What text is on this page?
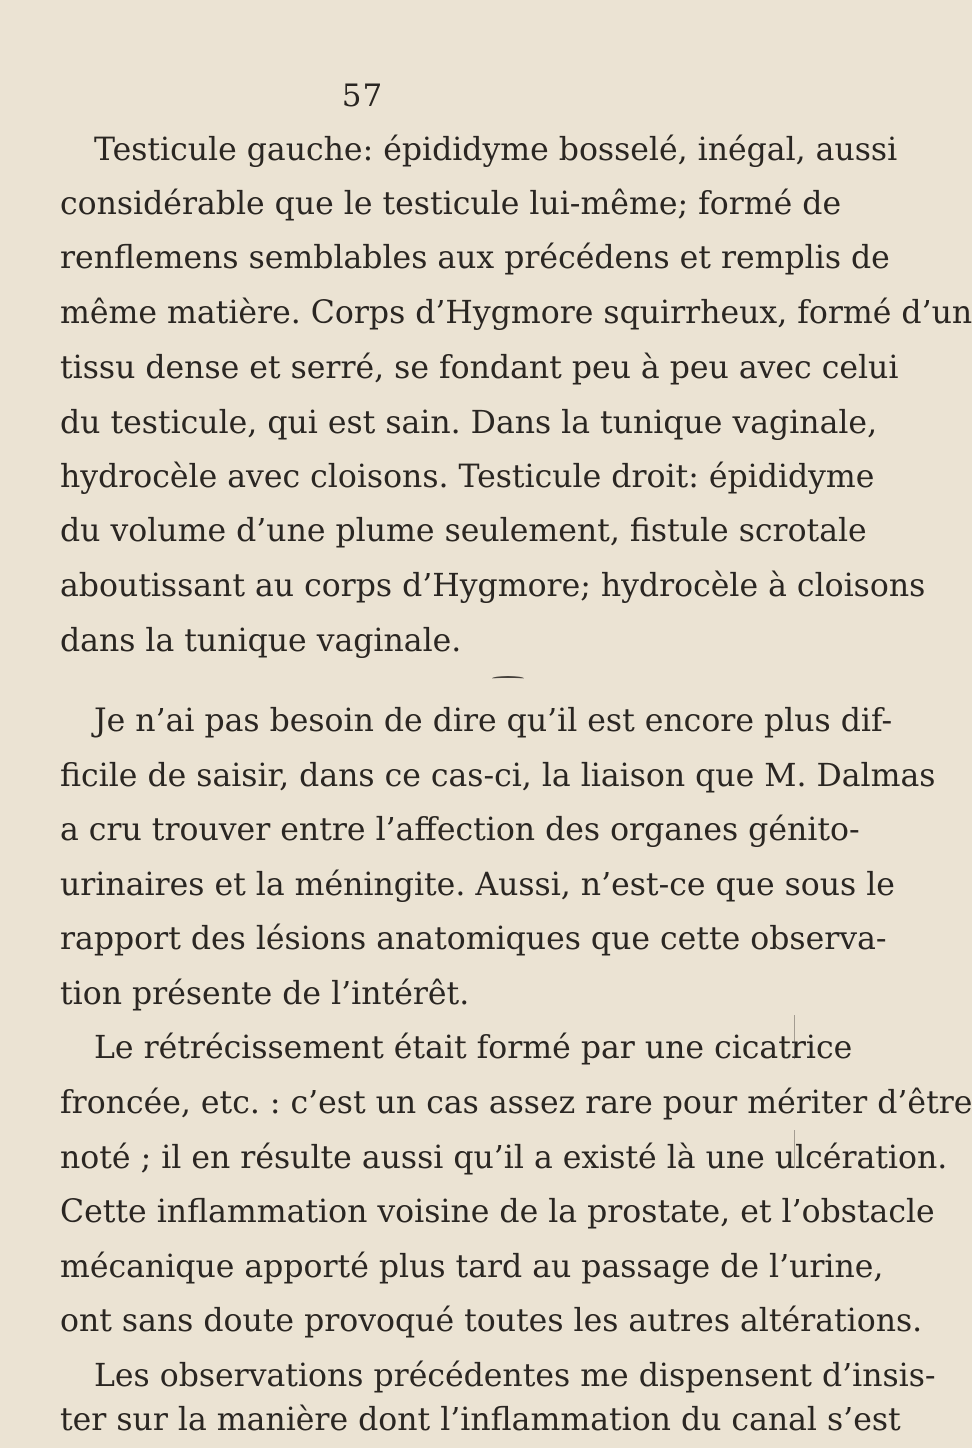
57
Testicule gauche: épididyme bosselé, inégal, aussi
considérable que le testicule lui-même; formé de
renflemens semblables aux précédens et remplis de
même matière. Corps d’Hygmore squirrheux, formé d’un
tissu dense et serré, se fondant peu à peu avec celui
du testicule, qui est sain. Dans la tunique vaginale,
hydrocèle avec cloisons. Testicule droit: épididyme
du volume d’une plume seulement, fistule scrotale
aboutissant au corps d’Hygmore; hydrocèle à cloisons
dans la tunique vaginale.
Je n’ai pas besoin de dire qu’il est encore plus dif-
ficile de saisir, dans ce cas-ci, la liaison que M. Dalmas
a cru trouver entre l’affection des organes génito-
urinaires et la méningite. Aussi, n’est-ce que sous le
rapport des lésions anatomiques que cette observa-
tion présente de l’intérêt.
Le rétrécissement était formé par une cicatrice
froncée, etc. : c’est un cas assez rare pour mériter d’être
noté ; il en résulte aussi qu’il a existé là une ulcération.
Cette inflammation voisine de la prostate, et l’obstacle
mécanique apporté plus tard au passage de l’urine,
ont sans doute provoqué toutes les autres altérations.
Les observations précédentes me dispensent d’insis-
ter sur la manière dont l’inflammation du canal s’est
